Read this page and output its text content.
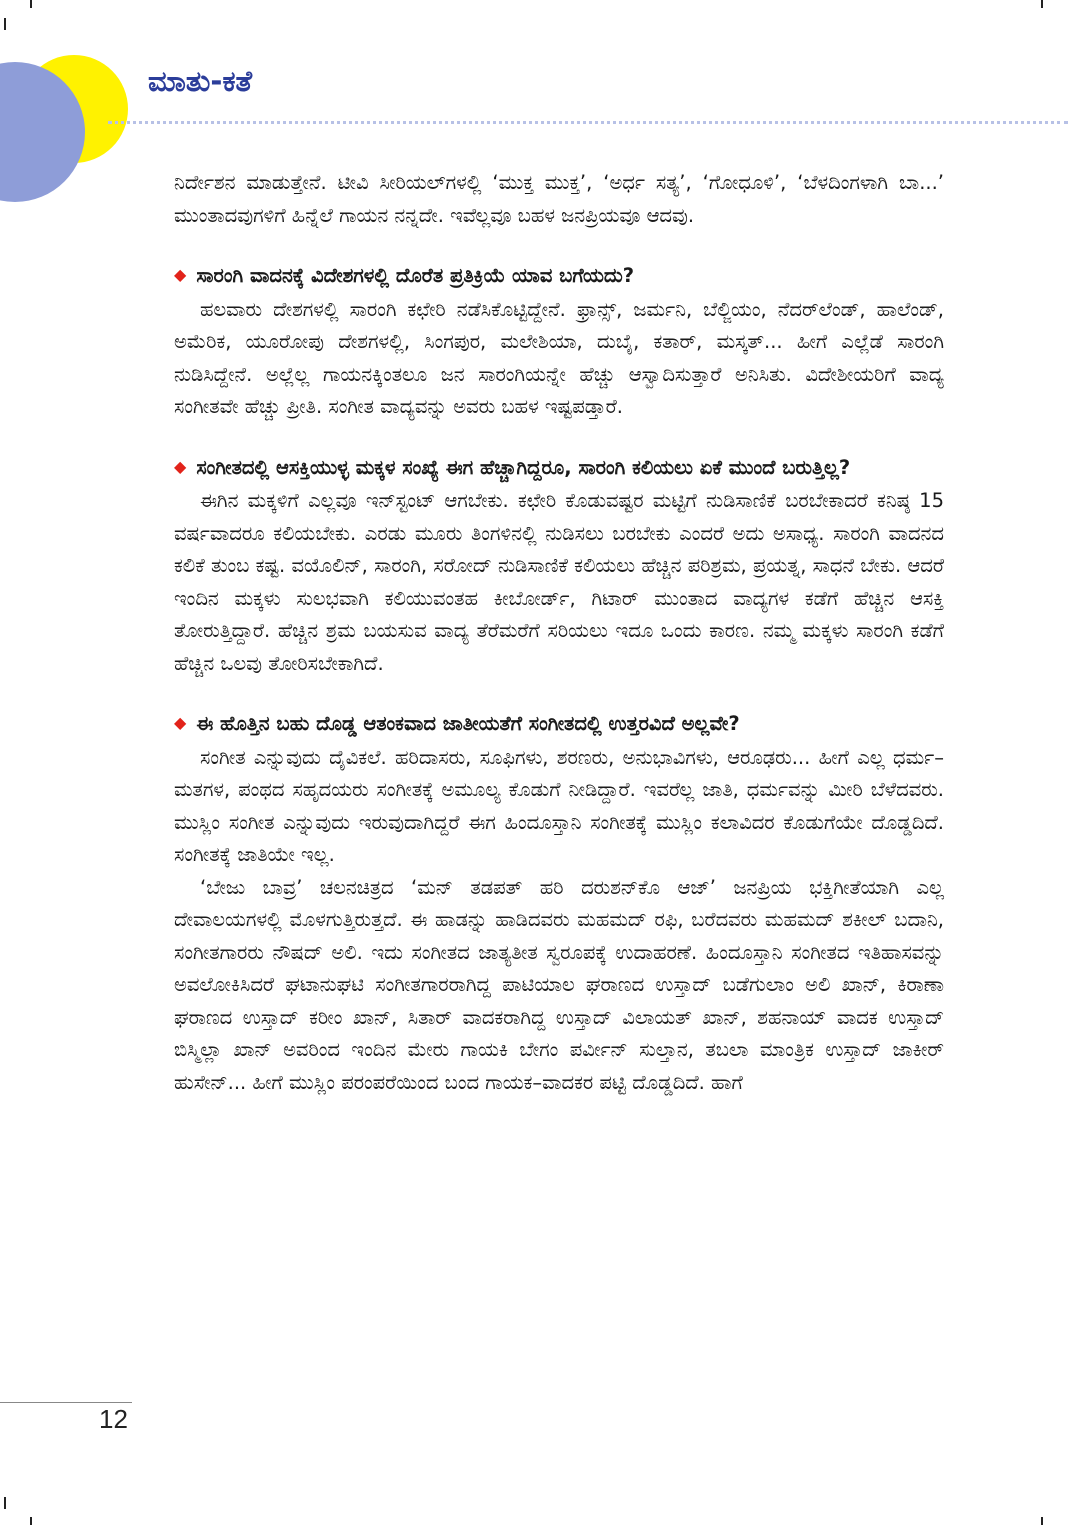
ಮಾತು-ಕತೆ

ನಿರ್ದೇಶನ ಮಾಡುತ್ತೇನೆ. ಟೀವಿ ಸೀರಿಯಲ್‌ಗಳಲ್ಲಿ ‘ಮುಕ್ತ ಮುಕ್ತ’, ‘ಅರ್ಧ ಸತ್ಯ’, ‘ಗೋಧೂಳಿ’, ‘ಬೆಳದಿಂಗಳಾಗಿ ಬಾ...’ ಮುಂತಾದವುಗಳಿಗೆ ಹಿನ್ನೆಲೆ ಗಾಯನ ನನ್ನದೇ. ಇವೆಲ್ಲವೂ ಬಹಳ ಜನಪ್ರಿಯವೂ ಆದವು.

◆ ಸಾರಂಗಿ ವಾದನಕ್ಕೆ ವಿದೇಶಗಳಲ್ಲಿ ದೊರೆತ ಪ್ರತಿಕ್ರಿಯೆ ಯಾವ ಬಗೆಯದು?

ಹಲವಾರು ದೇಶಗಳಲ್ಲಿ ಸಾರಂಗಿ ಕಛೇರಿ ನಡೆಸಿಕೊಟ್ಟಿದ್ದೇನೆ. ಫ್ರಾನ್ಸ್, ಜರ್ಮನಿ, ಬೆಲ್ಜಿಯಂ, ನೆದರ್‌ಲೆಂಡ್, ಹಾಲೆಂಡ್, ಅಮೆರಿಕ, ಯೂರೋಪು ದೇಶಗಳಲ್ಲಿ, ಸಿಂಗಪುರ, ಮಲೇಶಿಯಾ, ದುಬೈ, ಕತಾರ್, ಮಸ್ಕತ್... ಹೀಗೆ ಎಲ್ಲೆಡೆ ಸಾರಂಗಿ ನುಡಿಸಿದ್ದೇನೆ. ಅಲ್ಲೆಲ್ಲ ಗಾಯನಕ್ಕಿಂತಲೂ ಜನ ಸಾರಂಗಿಯನ್ನೇ ಹೆಚ್ಚು ಆಸ್ವಾದಿಸುತ್ತಾರೆ ಅನಿಸಿತು. ವಿದೇಶೀಯರಿಗೆ ವಾದ್ಯ ಸಂಗೀತವೇ ಹೆಚ್ಚು ಪ್ರೀತಿ. ಸಂಗೀತ ವಾದ್ಯವನ್ನು ಅವರು ಬಹಳ ಇಷ್ಟಪಡ್ತಾರೆ.

◆ ಸಂಗೀತದಲ್ಲಿ ಆಸಕ್ತಿಯುಳ್ಳ ಮಕ್ಕಳ ಸಂಖ್ಯೆ ಈಗ ಹೆಚ್ಚಾಗಿದ್ದರೂ, ಸಾರಂಗಿ ಕಲಿಯಲು ಏಕೆ ಮುಂದೆ ಬರುತ್ತಿಲ್ಲ?

ಈಗಿನ ಮಕ್ಕಳಿಗೆ ಎಲ್ಲವೂ ಇನ್‌ಸ್ಟಂಟ್ ಆಗಬೇಕು. ಕಛೇರಿ ಕೊಡುವಷ್ಟರ ಮಟ್ಟಿಗೆ ನುಡಿಸಾಣಿಕೆ ಬರಬೇಕಾದರೆ ಕನಿಷ್ಠ 15 ವರ್ಷವಾದರೂ ಕಲಿಯಬೇಕು. ಎರಡು ಮೂರು ತಿಂಗಳಿನಲ್ಲಿ ನುಡಿಸಲು ಬರಬೇಕು ಎಂದರೆ ಅದು ಅಸಾಧ್ಯ. ಸಾರಂಗಿ ವಾದನದ ಕಲಿಕೆ ತುಂಬ ಕಷ್ಟ. ವಯೊಲಿನ್, ಸಾರಂಗಿ, ಸರೋದ್ ನುಡಿಸಾಣಿಕೆ ಕಲಿಯಲು ಹೆಚ್ಚಿನ ಪರಿಶ್ರಮ, ಪ್ರಯತ್ನ, ಸಾಧನೆ ಬೇಕು. ಆದರೆ ಇಂದಿನ ಮಕ್ಕಳು ಸುಲಭವಾಗಿ ಕಲಿಯುವಂತಹ ಕೀಬೋರ್ಡ್, ಗಿಟಾರ್ ಮುಂತಾದ ವಾದ್ಯಗಳ ಕಡೆಗೆ ಹೆಚ್ಚಿನ ಆಸಕ್ತಿ ತೋರುತ್ತಿದ್ದಾರೆ. ಹೆಚ್ಚಿನ ಶ್ರಮ ಬಯಸುವ ವಾದ್ಯ ತೆರೆಮರೆಗೆ ಸರಿಯಲು ಇದೂ ಒಂದು ಕಾರಣ. ನಮ್ಮ ಮಕ್ಕಳು ಸಾರಂಗಿ ಕಡೆಗೆ ಹೆಚ್ಚಿನ ಒಲವು ತೋರಿಸಬೇಕಾಗಿದೆ.

◆ ಈ ಹೊತ್ತಿನ ಬಹು ದೊಡ್ಡ ಆತಂಕವಾದ ಜಾತೀಯತೆಗೆ ಸಂಗೀತದಲ್ಲಿ ಉತ್ತರವಿದೆ ಅಲ್ಲವೇ?

ಸಂಗೀತ ಎನ್ನುವುದು ದೈವಿಕಲೆ. ಹರಿದಾಸರು, ಸೂಫಿಗಳು, ಶರಣರು, ಅನುಭಾವಿಗಳು, ಆರೂಢರು... ಹೀಗೆ ಎಲ್ಲ ಧರ್ಮ–ಮತಗಳ, ಪಂಥದ ಸಹೃದಯರು ಸಂಗೀತಕ್ಕೆ ಅಮೂಲ್ಯ ಕೊಡುಗೆ ನೀಡಿದ್ದಾರೆ. ಇವರೆಲ್ಲ ಜಾತಿ, ಧರ್ಮವನ್ನು ಮೀರಿ ಬೆಳೆದವರು. ಮುಸ್ಲಿಂ ಸಂಗೀತ ಎನ್ನುವುದು ಇರುವುದಾಗಿದ್ದರೆ ಈಗ ಹಿಂದೂಸ್ತಾನಿ ಸಂಗೀತಕ್ಕೆ ಮುಸ್ಲಿಂ ಕಲಾವಿದರ ಕೊಡುಗೆಯೇ ದೊಡ್ಡದಿದೆ. ಸಂಗೀತಕ್ಕೆ ಜಾತಿಯೇ ಇಲ್ಲ.

‘ಬೇಜು ಬಾವ್ರ’ ಚಲನಚಿತ್ರದ ‘ಮನ್ ತಡಪತ್ ಹರಿ ದರುಶನ್‌ಕೊ ಆಜ್’ ಜನಪ್ರಿಯ ಭಕ್ತಿಗೀತೆಯಾಗಿ ಎಲ್ಲ ದೇವಾಲಯಗಳಲ್ಲಿ ಮೊಳಗುತ್ತಿರುತ್ತದೆ. ಈ ಹಾಡನ್ನು ಹಾಡಿದವರು ಮಹಮದ್ ರಫಿ, ಬರೆದವರು ಮಹಮದ್ ಶಕೀಲ್ ಬದಾನಿ, ಸಂಗೀತಗಾರರು ನೌಷದ್ ಅಲಿ. ಇದು ಸಂಗೀತದ ಜಾತ್ಯತೀತ ಸ್ವರೂಪಕ್ಕೆ ಉದಾಹರಣೆ. ಹಿಂದೂಸ್ತಾನಿ ಸಂಗೀತದ ಇತಿಹಾಸವನ್ನು ಅವಲೋಕಿಸಿದರೆ ಘಟಾನುಘಟಿ ಸಂಗೀತಗಾರರಾಗಿದ್ದ ಪಾಟಿಯಾಲ ಘರಾಣದ ಉಸ್ತಾದ್ ಬಡೆಗುಲಾಂ ಅಲಿ ಖಾನ್, ಕಿರಾಣಾ ಘರಾಣದ ಉಸ್ತಾದ್ ಕರೀಂ ಖಾನ್, ಸಿತಾರ್ ವಾದಕರಾಗಿದ್ದ ಉಸ್ತಾದ್ ವಿಲಾಯತ್ ಖಾನ್, ಶಹನಾಯ್ ವಾದಕ ಉಸ್ತಾದ್ ಬಿಸ್ಮಿಲ್ಲಾ ಖಾನ್ ಅವರಿಂದ ಇಂದಿನ ಮೇರು ಗಾಯಕಿ ಬೇಗಂ ಪರ್ವೀನ್ ಸುಲ್ತಾನ, ತಬಲಾ ಮಾಂತ್ರಿಕ ಉಸ್ತಾದ್ ಜಾಕೀರ್ ಹುಸೇನ್... ಹೀಗೆ ಮುಸ್ಲಿಂ ಪರಂಪರೆಯಿಂದ ಬಂದ ಗಾಯಕ–ವಾದಕರ ಪಟ್ಟಿ ದೊಡ್ಡದಿದೆ. ಹಾಗೆ

12
